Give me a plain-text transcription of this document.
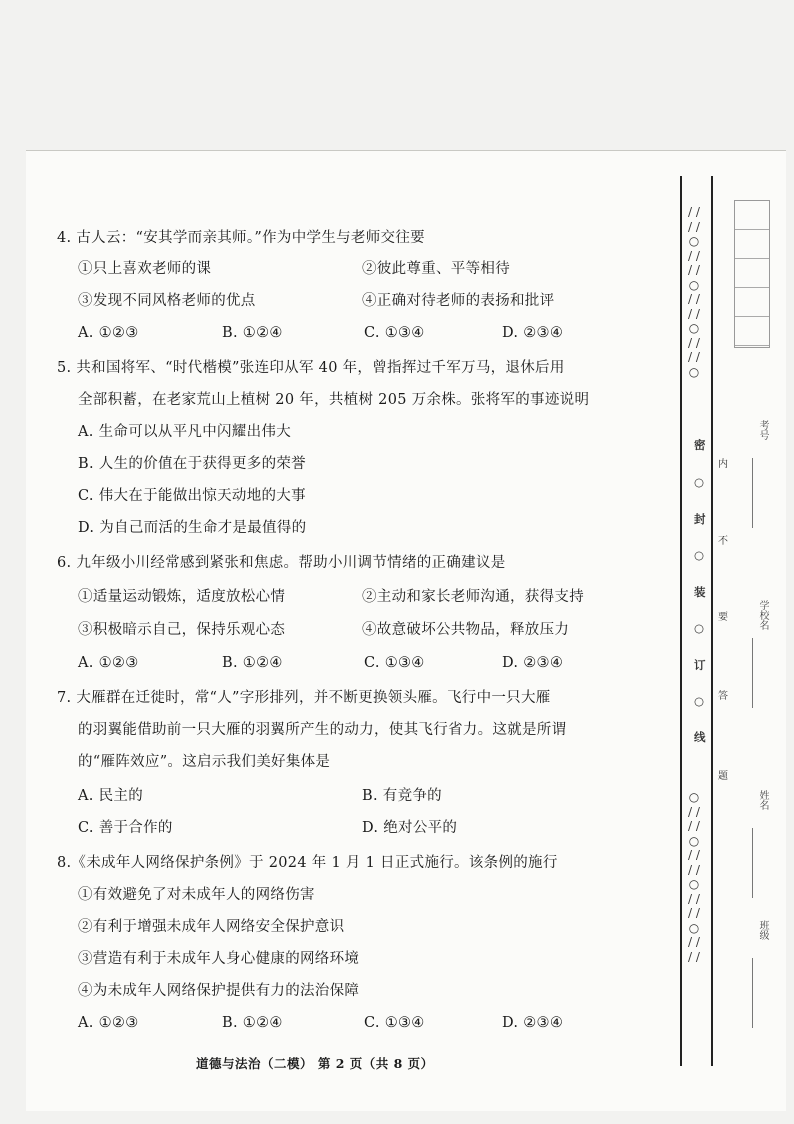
4. 古人云：“安其学而亲其师。”作为中学生与老师交往要
①只上喜欢老师的课	②彼此尊重、平等相待
③发现不同风格老师的优点	④正确对待老师的表扬和批评
A. ①②③	B. ①②④	C. ①③④	D. ②③④
5. 共和国将军、“时代楷模”张连印从军 40 年，曾指挥过千军万马，退休后用
全部积蓄，在老家荒山上植树 20 年，共植树 205 万余株。张将军的事迹说明
A. 生命可以从平凡中闪耀出伟大
B. 人生的价值在于获得更多的荣誉
C. 伟大在于能做出惊天动地的大事
D. 为自己而活的生命才是最值得的
6. 九年级小川经常感到紧张和焦虑。帮助小川调节情绪的正确建议是
①适量运动锻炼，适度放松心情	②主动和家长老师沟通，获得支持
③积极暗示自己，保持乐观心态	④故意破坏公共物品，释放压力
A. ①②③	B. ①②④	C. ①③④	D. ②③④
7. 大雁群在迁徙时，常“人”字形排列，并不断更换领头雁。飞行中一只大雁
的羽翼能借助前一只大雁的羽翼所产生的动力，使其飞行省力。这就是所谓
的“雁阵效应”。这启示我们美好集体是
A. 民主的	B. 有竞争的
C. 善于合作的	D. 绝对公平的
8.《未成年人网络保护条例》于 2024 年 1 月 1 日正式施行。该条例的施行
①有效避免了对未成年人的网络伤害
②有利于增强未成年人网络安全保护意识
③营造有利于未成年人身心健康的网络环境
④为未成年人网络保护提供有力的法治保障
A. ①②③	B. ①②④	C. ①③④	D. ②③④
道德与法治（二模） 第 2 页（共 8 页）
/ / / / ○ / / / / ○ / / / / ○ / / / / ○
○ / / / / ○ / / / / ○ / / / / ○ / / / /
密
○
封
○
装
○
订
○
线
内
不
要
答
题
考号
学校名
姓名
班级
